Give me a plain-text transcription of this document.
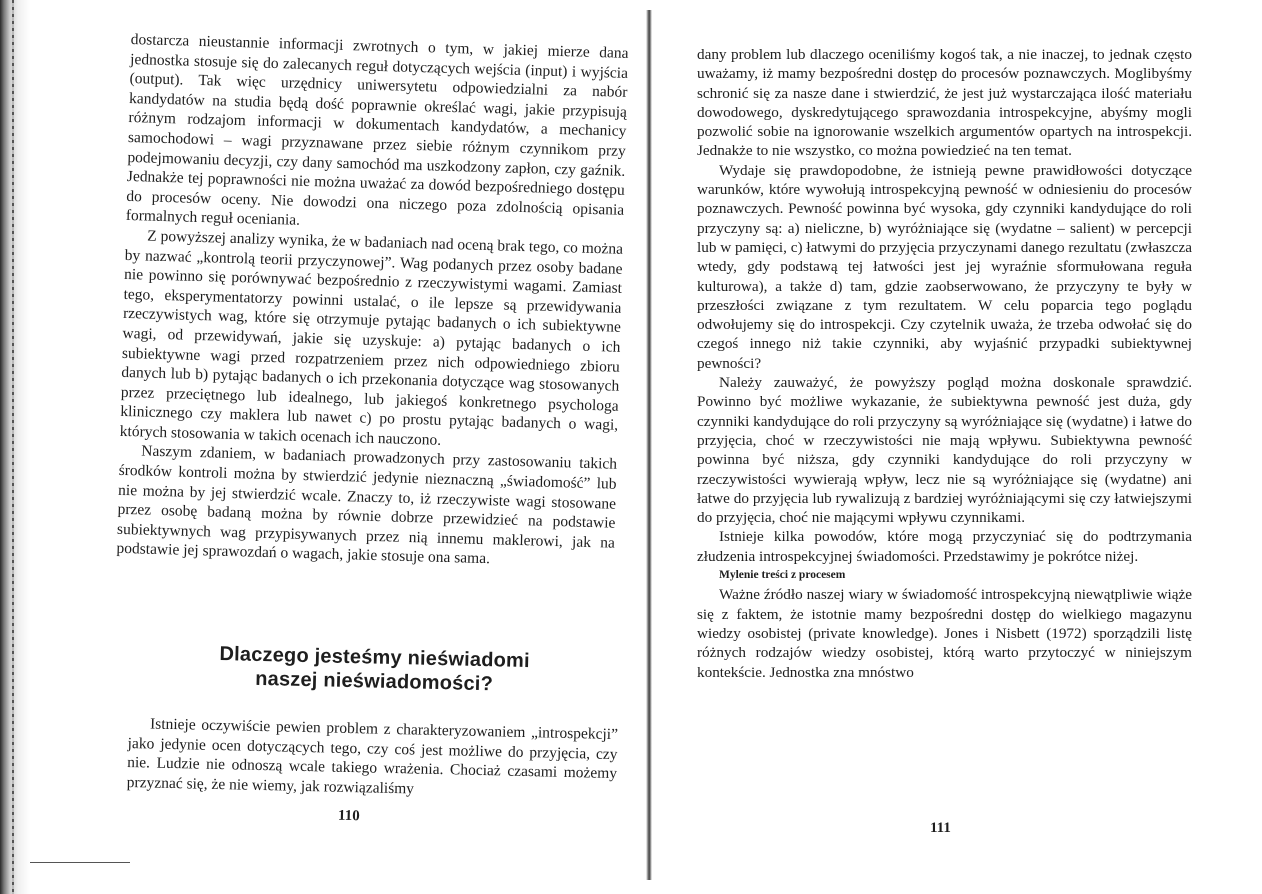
dostarcza nieustannie informacji zwrotnych o tym, w jakiej mierze dana jednostka stosuje się do zalecanych reguł dotyczących wejścia (input) i wyjścia (output). Tak więc urzędnicy uniwersytetu odpowiedzialni za nabór kandydatów na studia będą dość poprawnie określać wagi, jakie przypisują różnym rodzajom informacji w dokumentach kandydatów, a mechanicy samochodowi – wagi przyznawane przez siebie różnym czynnikom przy podejmowaniu decyzji, czy dany samochód ma uszkodzony zapłon, czy gaźnik. Jednakże tej poprawności nie można uważać za dowód bezpośredniego dostępu do procesów oceny. Nie dowodzi ona niczego poza zdolnością opisania formalnych reguł oceniania.

Z powyższej analizy wynika, że w badaniach nad oceną brak tego, co można by nazwać „kontrolą teorii przyczynowej”. Wag podanych przez osoby badane nie powinno się porównywać bezpośrednio z rzeczywistymi wagami. Zamiast tego, eksperymentatorzy powinni ustalać, o ile lepsze są przewidywania rzeczywistych wag, które się otrzymuje pytając badanych o ich subiektywne wagi, od przewidywań, jakie się uzyskuje: a) pytając badanych o ich subiektywne wagi przed rozpatrzeniem przez nich odpowiedniego zbioru danych lub b) pytając badanych o ich przekonania dotyczące wag stosowanych przez przeciętnego lub idealnego, lub jakiegoś konkretnego psychologa klinicznego czy maklera lub nawet c) po prostu pytając badanych o wagi, których stosowania w takich ocenach ich nauczono.

Naszym zdaniem, w badaniach prowadzonych przy zastosowaniu takich środków kontroli można by stwierdzić jedynie nieznaczną „świadomość” lub nie można by jej stwierdzić wcale. Znaczy to, iż rzeczywiste wagi stosowane przez osobę badaną można by równie dobrze przewidzieć na podstawie subiektywnych wag przypisywanych przez nią innemu maklerowi, jak na podstawie jej sprawozdań o wagach, jakie stosuje ona sama.

Dlaczego jesteśmy nieświadomi
naszej nieświadomości?

Istnieje oczywiście pewien problem z charakteryzowaniem „introspekcji” jako jedynie ocen dotyczących tego, czy coś jest możliwe do przyjęcia, czy nie. Ludzie nie odnoszą wcale takiego wrażenia. Chociaż czasami możemy przyznać się, że nie wiemy, jak rozwiązaliśmy

110

dany problem lub dlaczego oceniliśmy kogoś tak, a nie inaczej, to jednak często uważamy, iż mamy bezpośredni dostęp do procesów poznawczych. Moglibyśmy schronić się za nasze dane i stwierdzić, że jest już wystarczająca ilość materiału dowodowego, dyskredytującego sprawozdania introspekcyjne, abyśmy mogli pozwolić sobie na ignorowanie wszelkich argumentów opartych na introspekcji. Jednakże to nie wszystko, co można powiedzieć na ten temat.

Wydaje się prawdopodobne, że istnieją pewne prawidłowości dotyczące warunków, które wywołują introspekcyjną pewność w odniesieniu do procesów poznawczych. Pewność powinna być wysoka, gdy czynniki kandydujące do roli przyczyny są: a) nieliczne, b) wyróżniające się (wydatne – salient) w percepcji lub w pamięci, c) łatwymi do przyjęcia przyczynami danego rezultatu (zwłaszcza wtedy, gdy podstawą tej łatwości jest jej wyraźnie sformułowana reguła kulturowa), a także d) tam, gdzie zaobserwowano, że przyczyny te były w przeszłości związane z tym rezultatem. W celu poparcia tego poglądu odwołujemy się do introspekcji. Czy czytelnik uważa, że trzeba odwołać się do czegoś innego niż takie czynniki, aby wyjaśnić przypadki subiektywnej pewności?

Należy zauważyć, że powyższy pogląd można doskonale sprawdzić. Powinno być możliwe wykazanie, że subiektywna pewność jest duża, gdy czynniki kandydujące do roli przyczyny są wyróżniające się (wydatne) i łatwe do przyjęcia, choć w rzeczywistości nie mają wpływu. Subiektywna pewność powinna być niższa, gdy czynniki kandydujące do roli przyczyny w rzeczywistości wywierają wpływ, lecz nie są wyróżniające się (wydatne) ani łatwe do przyjęcia lub rywalizują z bardziej wyróżniającymi się czy łatwiejszymi do przyjęcia, choć nie mającymi wpływu czynnikami.

Istnieje kilka powodów, które mogą przyczyniać się do podtrzymania złudzenia introspekcyjnej świadomości. Przedstawimy je pokrótce niżej.

Mylenie treści z procesem

Ważne źródło naszej wiary w świadomość introspekcyjną niewątpliwie wiąże się z faktem, że istotnie mamy bezpośredni dostęp do wielkiego magazynu wiedzy osobistej (private knowledge). Jones i Nisbett (1972) sporządzili listę różnych rodzajów wiedzy osobistej, którą warto przytoczyć w niniejszym kontekście. Jednostka zna mnóstwo

111
